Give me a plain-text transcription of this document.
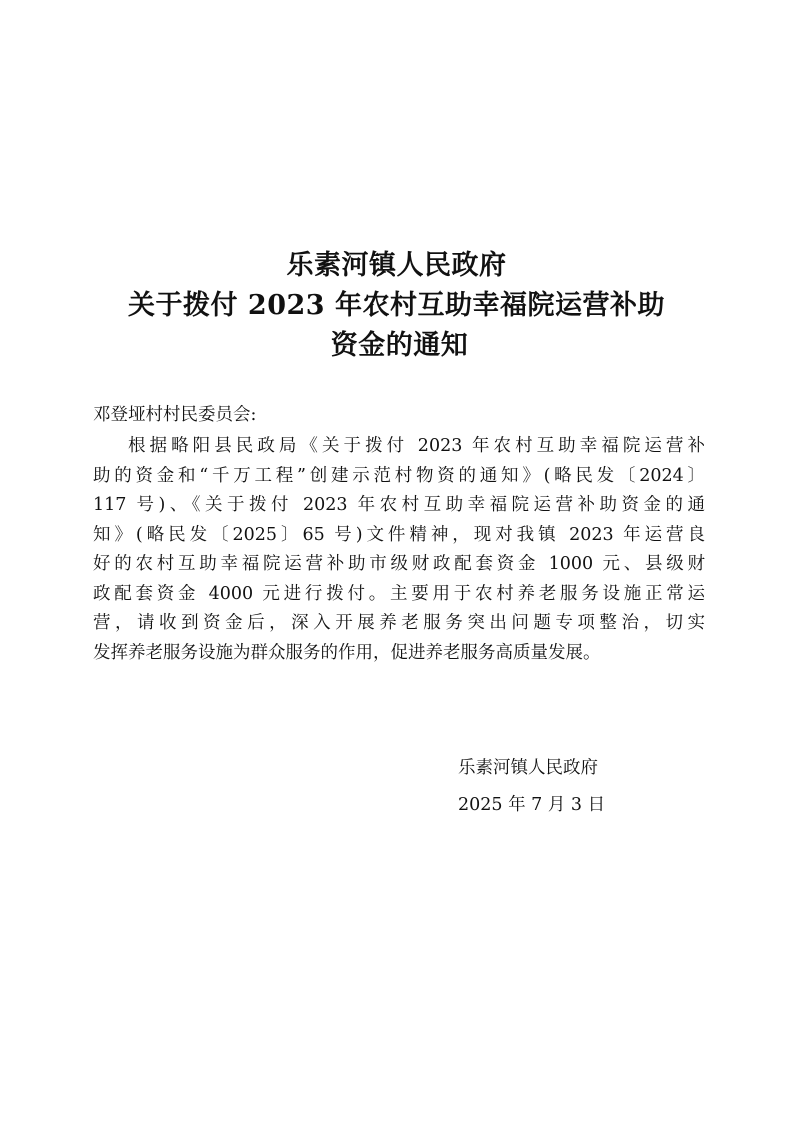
乐素河镇人民政府
关于拨付 2023 年农村互助幸福院运营补助
资金的通知
邓登垭村村民委员会:
根据略阳县民政局《关于拨付 2023 年农村互助幸福院运营补
助的资金和“千万工程”创建示范村物资的通知》(略民发〔2024〕
117 号)、《关于拨付 2023 年农村互助幸福院运营补助资金的通
知》(略民发〔2025〕65 号)文件精神，现对我镇 2023 年运营良
好的农村互助幸福院运营补助市级财政配套资金 1000 元、县级财
政配套资金 4000 元进行拨付。主要用于农村养老服务设施正常运
营，请收到资金后，深入开展养老服务突出问题专项整治，切实
发挥养老服务设施为群众服务的作用，促进养老服务高质量发展。
乐素河镇人民政府
2025 年 7 月 3 日
